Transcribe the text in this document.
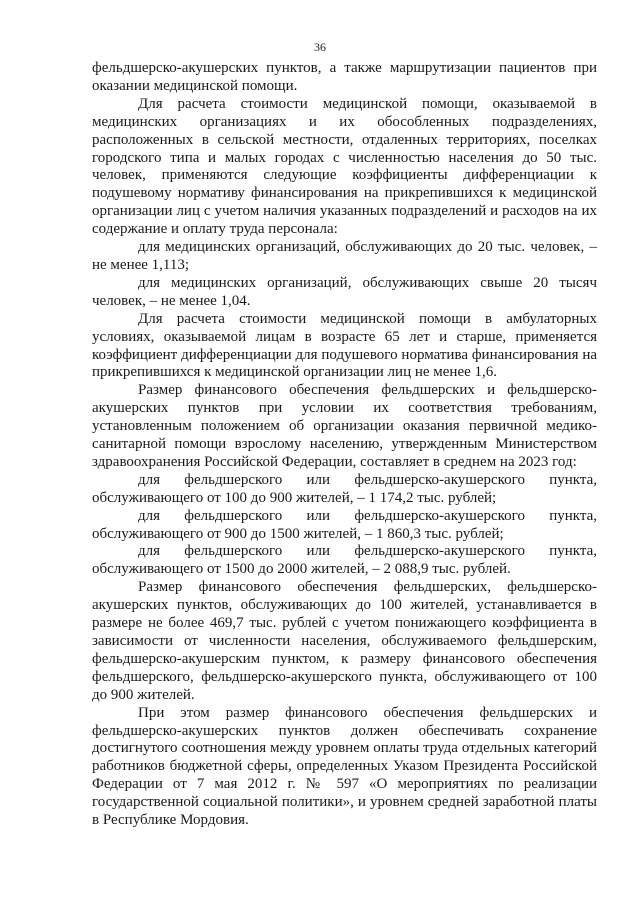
36

фельдшерско-акушерских пунктов, а также маршрутизации пациентов при оказании медицинской помощи.

Для расчета стоимости медицинской помощи, оказываемой в медицинских организациях и их обособленных подразделениях, расположенных в сельской местности, отдаленных территориях, поселках городского типа и малых городах с численностью населения до 50 тыс. человек, применяются следующие коэффициенты дифференциации к подушевому нормативу финансирования на прикрепившихся к медицинской организации лиц с учетом наличия указанных подразделений и расходов на их содержание и оплату труда персонала:

для медицинских организаций, обслуживающих до 20 тыс. человек, – не менее 1,113;

для медицинских организаций, обслуживающих свыше 20 тысяч человек, – не менее 1,04.

Для расчета стоимости медицинской помощи в амбулаторных условиях, оказываемой лицам в возрасте 65 лет и старше, применяется коэффициент дифференциации для подушевого норматива финансирования на прикрепившихся к медицинской организации лиц не менее 1,6.

Размер финансового обеспечения фельдшерских и фельдшерско-акушерских пунктов при условии их соответствия требованиям, установленным положением об организации оказания первичной медико-санитарной помощи взрослому населению, утвержденным Министерством здравоохранения Российской Федерации, составляет в среднем на 2023 год:

для фельдшерского или фельдшерско-акушерского пункта, обслуживающего от 100 до 900 жителей, – 1 174,2 тыс. рублей;

для фельдшерского или фельдшерско-акушерского пункта, обслуживающего от 900 до 1500 жителей, – 1 860,3 тыс. рублей;

для фельдшерского или фельдшерско-акушерского пункта, обслуживающего от 1500 до 2000 жителей, – 2 088,9 тыс. рублей.

Размер финансового обеспечения фельдшерских, фельдшерско-акушерских пунктов, обслуживающих до 100 жителей, устанавливается в размере не более 469,7 тыс. рублей с учетом понижающего коэффициента в зависимости от численности населения, обслуживаемого фельдшерским, фельдшерско-акушерским пунктом, к размеру финансового обеспечения фельдшерского, фельдшерско-акушерского пункта, обслуживающего от 100 до 900 жителей.

При этом размер финансового обеспечения фельдшерских и фельдшерско-акушерских пунктов должен обеспечивать сохранение достигнутого соотношения между уровнем оплаты труда отдельных категорий работников бюджетной сферы, определенных Указом Президента Российской Федерации от 7 мая 2012 г. № 597 «О мероприятиях по реализации государственной социальной политики», и уровнем средней заработной платы в Республике Мордовия.
